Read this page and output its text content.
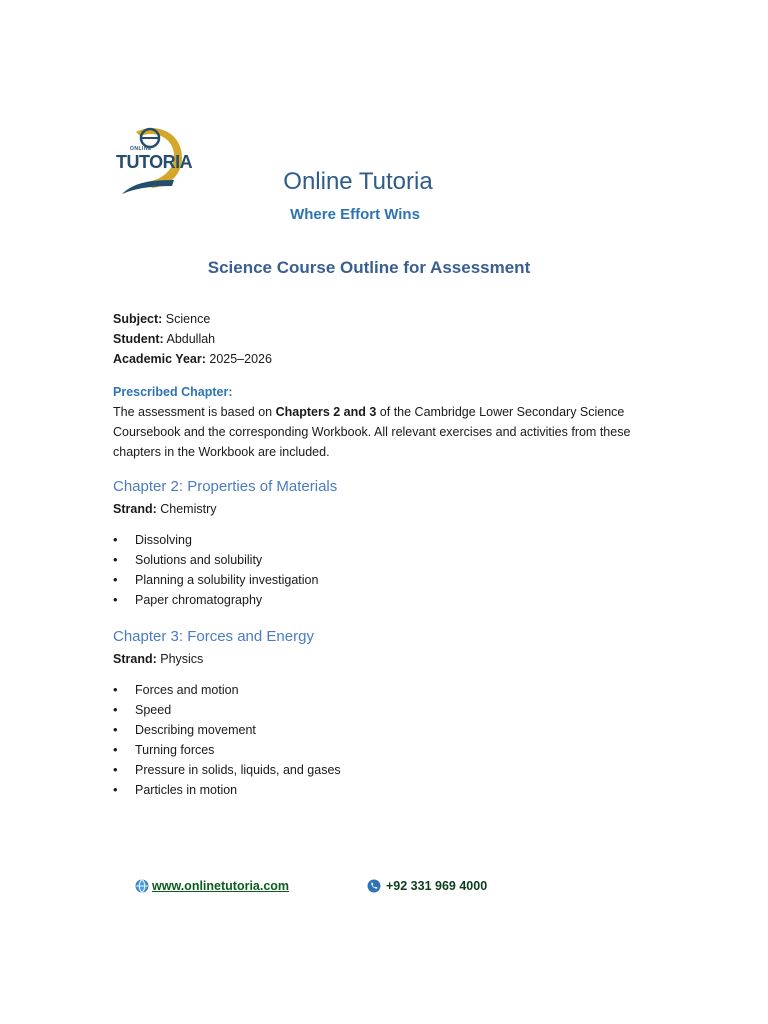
ONLINE
TUTORIA
Online Tutoria
Where Effort Wins
Science Course Outline for Assessment
Subject: Science
Student: Abdullah
Academic Year: 2025–2026
Prescribed Chapter:

The assessment is based on Chapters 2 and 3 of the Cambridge Lower Secondary Science Coursebook and the corresponding Workbook. All relevant exercises and activities from these chapters in the Workbook are included.

Chapter 2: Properties of Materials
Strand: Chemistry
• Dissolving
• Solutions and solubility
• Planning a solubility investigation
• Paper chromatography
Chapter 3: Forces and Energy
Strand: Physics
• Forces and motion
• Speed
• Describing movement
• Turning forces
• Pressure in solids, liquids, and gases
• Particles in motion
www.onlinetutoria.com	+92 331 969 4000
